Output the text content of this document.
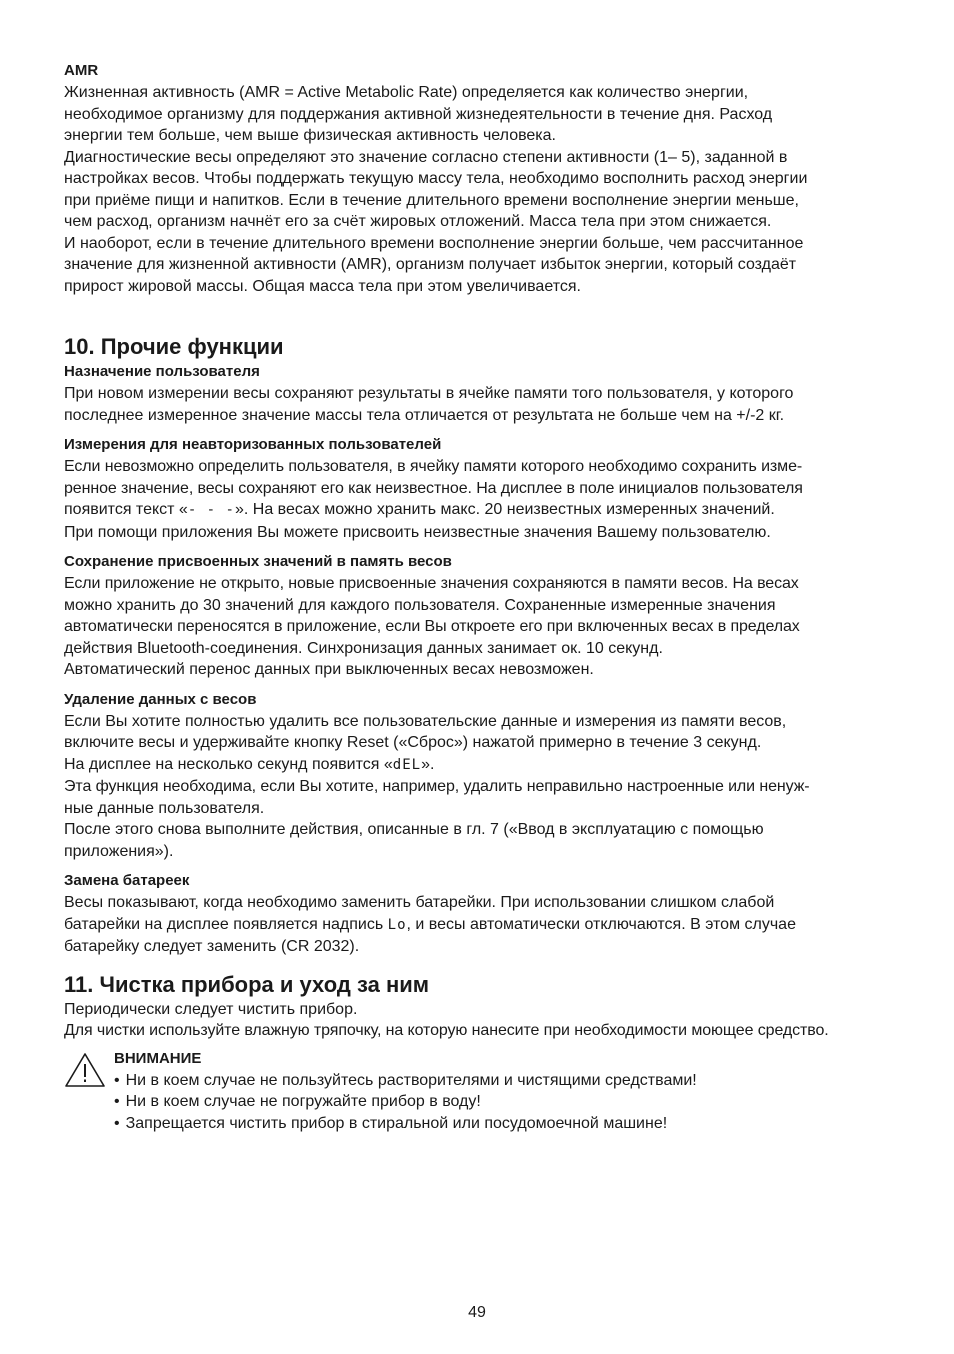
AMR

Жизненная активность (AMR = Active Metabolic Rate) определяется как количество энергии,

необходимое организму для поддержания активной жизнедеятельности в течение дня. Расход

энергии тем больше, чем выше физическая активность человека.

Диагностические весы определяют это значение согласно степени активности (1– 5), заданной в

настройках весов. Чтобы поддержать текущую массу тела, необходимо восполнить расход энергии

при приёме пищи и напитков. Если в течение длительного времени восполнение энергии меньше,

чем расход, организм начнёт его за счёт жировых отложений. Масса тела при этом снижается.

И наоборот, если в течение длительного времени восполнение энергии больше, чем рассчитанное

значение для жизненной активности (AMR), организм получает избыток энергии, который создаёт

прирост жировой массы. Общая масса тела при этом увеличивается.

10. Прочие функции

Назначение пользователя

При новом измерении весы сохраняют результаты в ячейке памяти того пользователя, у которого

последнее измеренное значение массы тела отличается от результата не больше чем на +/-2 кг.

Измерения для неавторизованных пользователей

Если невозможно определить пользователя, в ячейку памяти которого необходимо сохранить изме-

ренное значение, весы сохраняют его как неизвестное. На дисплее в поле инициалов пользователя

появится текст «- - -». На весах можно хранить макс. 20 неизвестных измеренных значений.

При помощи приложения Вы можете присвоить неизвестные значения Вашему пользователю.

Сохранение присвоенных значений в память весов

Если приложение не открыто, новые присвоенные значения сохраняются в памяти весов. На весах

можно хранить до 30 значений для каждого пользователя. Сохраненные измеренные значения

автоматически переносятся в приложение, если Вы откроете его при включенных весах в пределах

действия Bluetooth-соединения. Синхронизация данных занимает ок. 10 секунд.

Автоматический перенос данных при выключенных весах невозможен.

Удаление данных с весов

Если Вы хотите полностью удалить все пользовательские данные и измерения из памяти весов,

включите весы и удерживайте кнопку Reset («Сброс») нажатой примерно в течение 3 секунд.

На дисплее на несколько секунд появится «dEL».

Эта функция необходима, если Вы хотите, например, удалить неправильно настроенные или ненуж-

ные данные пользователя.

После этого снова выполните действия, описанные в гл. 7 («Ввод в эксплуатацию с помощью

приложения»).

Замена батареек

Весы показывают, когда необходимо заменить батарейки. При использовании слишком слабой

батарейки на дисплее появляется надпись Lo, и весы автоматически отключаются. В этом случае

батарейку следует заменить (CR 2032).

11. Чистка прибора и уход за ним

Периодически следует чистить прибор.

Для чистки используйте влажную тряпочку, на которую нанесите при необходимости моющее средство.

ВНИМАНИЕ

• Ни в коем случае не пользуйтесь растворителями и чистящими средствами!
• Ни в коем случае не погружайте прибор в воду!
• Запрещается чистить прибор в стиральной или посудомоечной машине!
49
